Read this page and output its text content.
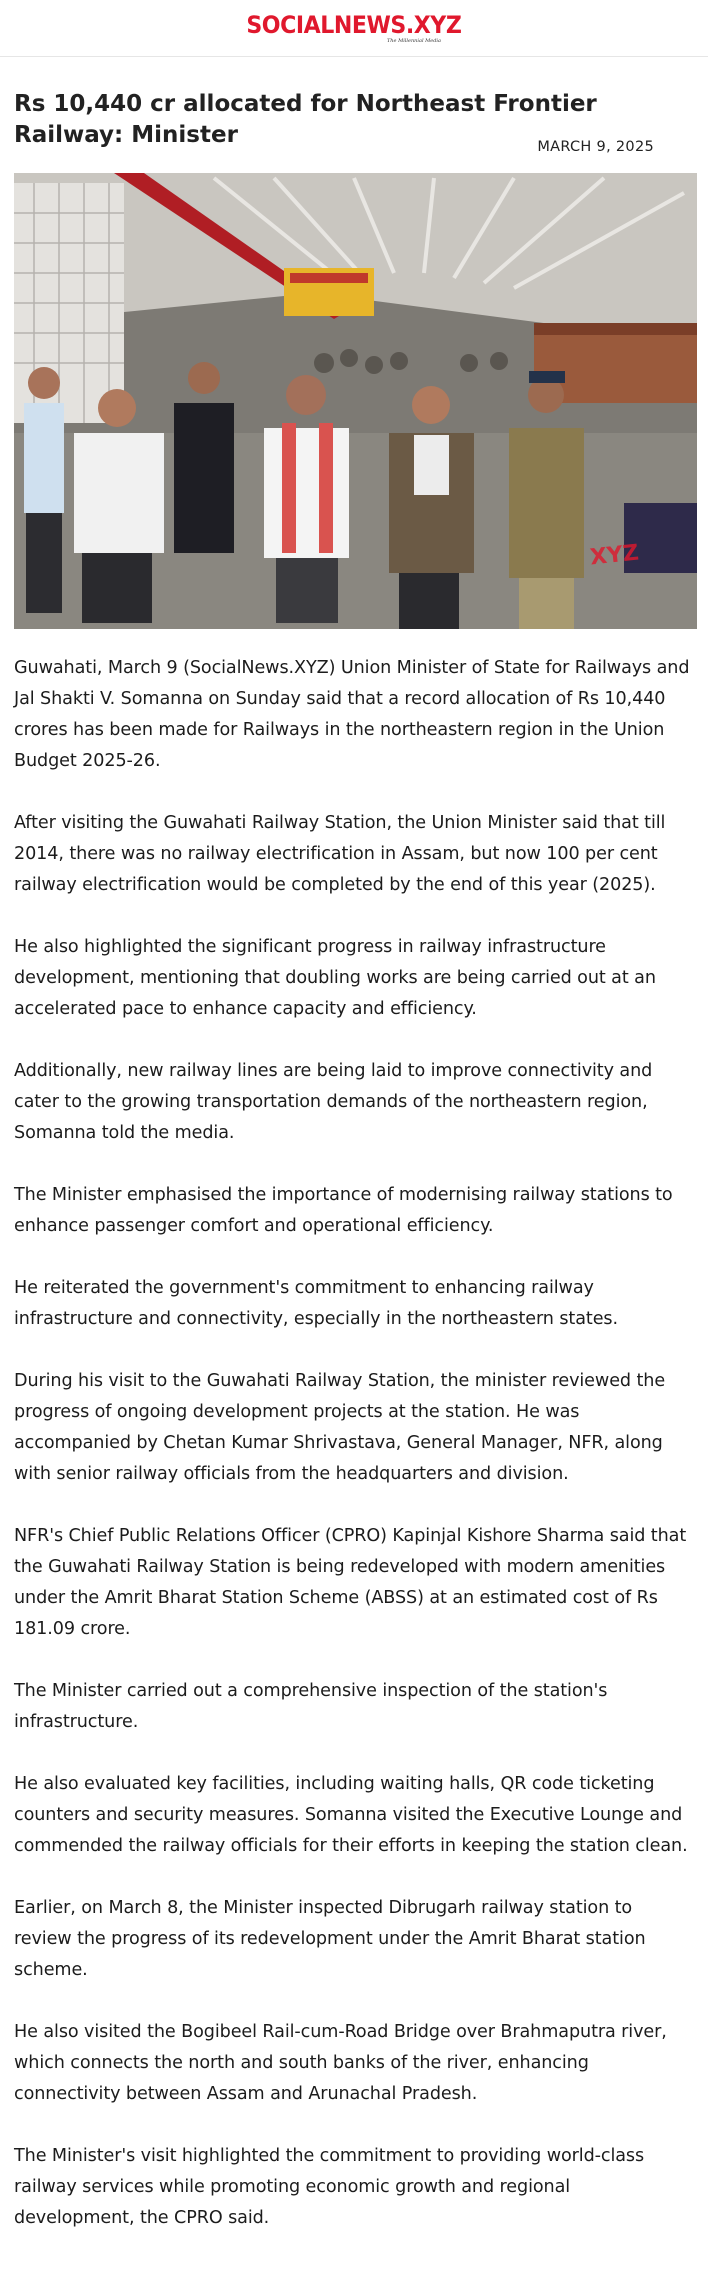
SOCIALNEWS.XYZ
The Millennial Media
Rs 10,440 cr allocated for Northeast Frontier Railway: Minister	MARCH 9, 2025
XYZ

Guwahati, March 9 (SocialNews.XYZ) Union Minister of State for Railways and Jal Shakti V. Somanna on Sunday said that a record allocation of Rs 10,440 crores has been made for Railways in the northeastern region in the Union Budget 2025-26.

After visiting the Guwahati Railway Station, the Union Minister said that till 2014, there was no railway electrification in Assam, but now 100 per cent railway electrification would be completed by the end of this year (2025).

He also highlighted the significant progress in railway infrastructure development, mentioning that doubling works are being carried out at an accelerated pace to enhance capacity and efficiency.

Additionally, new railway lines are being laid to improve connectivity and cater to the growing transportation demands of the northeastern region, Somanna told the media.

The Minister emphasised the importance of modernising railway stations to enhance passenger comfort and operational efficiency.

He reiterated the government's commitment to enhancing railway infrastructure and connectivity, especially in the northeastern states.

During his visit to the Guwahati Railway Station, the minister reviewed the progress of ongoing development projects at the station. He was accompanied by Chetan Kumar Shrivastava, General Manager, NFR, along with senior railway officials from the headquarters and division.

NFR's Chief Public Relations Officer (CPRO) Kapinjal Kishore Sharma said that the Guwahati Railway Station is being redeveloped with modern amenities under the Amrit Bharat Station Scheme (ABSS) at an estimated cost of Rs 181.09 crore.

The Minister carried out a comprehensive inspection of the station's infrastructure.

He also evaluated key facilities, including waiting halls, QR code ticketing counters and security measures. Somanna visited the Executive Lounge and commended the railway officials for their efforts in keeping the station clean.

Earlier, on March 8, the Minister inspected Dibrugarh railway station to review the progress of its redevelopment under the Amrit Bharat station scheme.

He also visited the Bogibeel Rail-cum-Road Bridge over Brahmaputra river, which connects the north and south banks of the river, enhancing connectivity between Assam and Arunachal Pradesh.

The Minister's visit highlighted the commitment to providing world-class railway services while promoting economic growth and regional development, the CPRO said.
